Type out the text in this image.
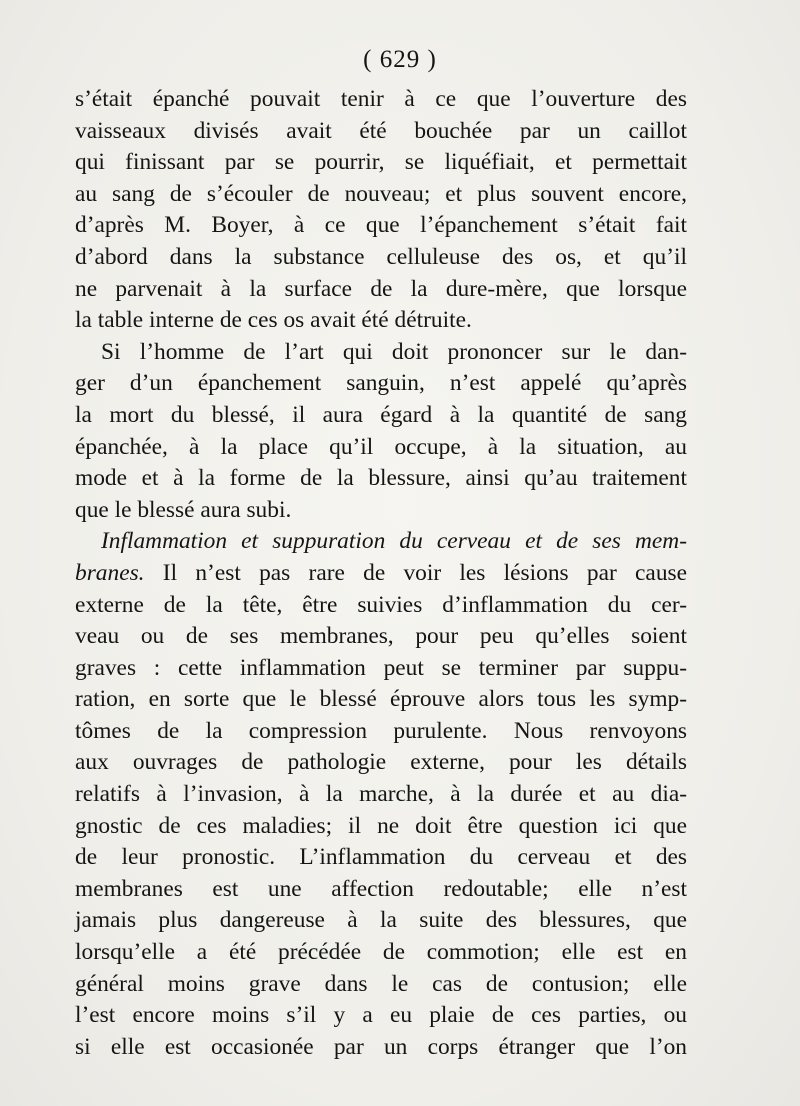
( 629 )
s’était épanché pouvait tenir à ce que l’ouverture des
vaisseaux divisés avait été bouchée par un caillot
qui finissant par se pourrir, se liquéfiait, et permettait
au sang de s’écouler de nouveau; et plus souvent encore,
d’après M. Boyer, à ce que l’épanchement s’était fait
d’abord dans la substance celluleuse des os, et qu’il
ne parvenait à la surface de la dure-mère, que lorsque
la table interne de ces os avait été détruite.
Si l’homme de l’art qui doit prononcer sur le dan-
ger d’un épanchement sanguin, n’est appelé qu’après
la mort du blessé, il aura égard à la quantité de sang
épanchée, à la place qu’il occupe, à la situation, au
mode et à la forme de la blessure, ainsi qu’au traitement
que le blessé aura subi.
Inflammation et suppuration du cerveau et de ses mem-
branes. Il n’est pas rare de voir les lésions par cause
externe de la tête, être suivies d’inflammation du cer-
veau ou de ses membranes, pour peu qu’elles soient
graves : cette inflammation peut se terminer par suppu-
ration, en sorte que le blessé éprouve alors tous les symp-
tômes de la compression purulente. Nous renvoyons
aux ouvrages de pathologie externe, pour les détails
relatifs à l’invasion, à la marche, à la durée et au dia-
gnostic de ces maladies; il ne doit être question ici que
de leur pronostic. L’inflammation du cerveau et des
membranes est une affection redoutable; elle n’est
jamais plus dangereuse à la suite des blessures, que
lorsqu’elle a été précédée de commotion; elle est en
général moins grave dans le cas de contusion; elle
l’est encore moins s’il y a eu plaie de ces parties, ou
si elle est occasionée par un corps étranger que l’on
